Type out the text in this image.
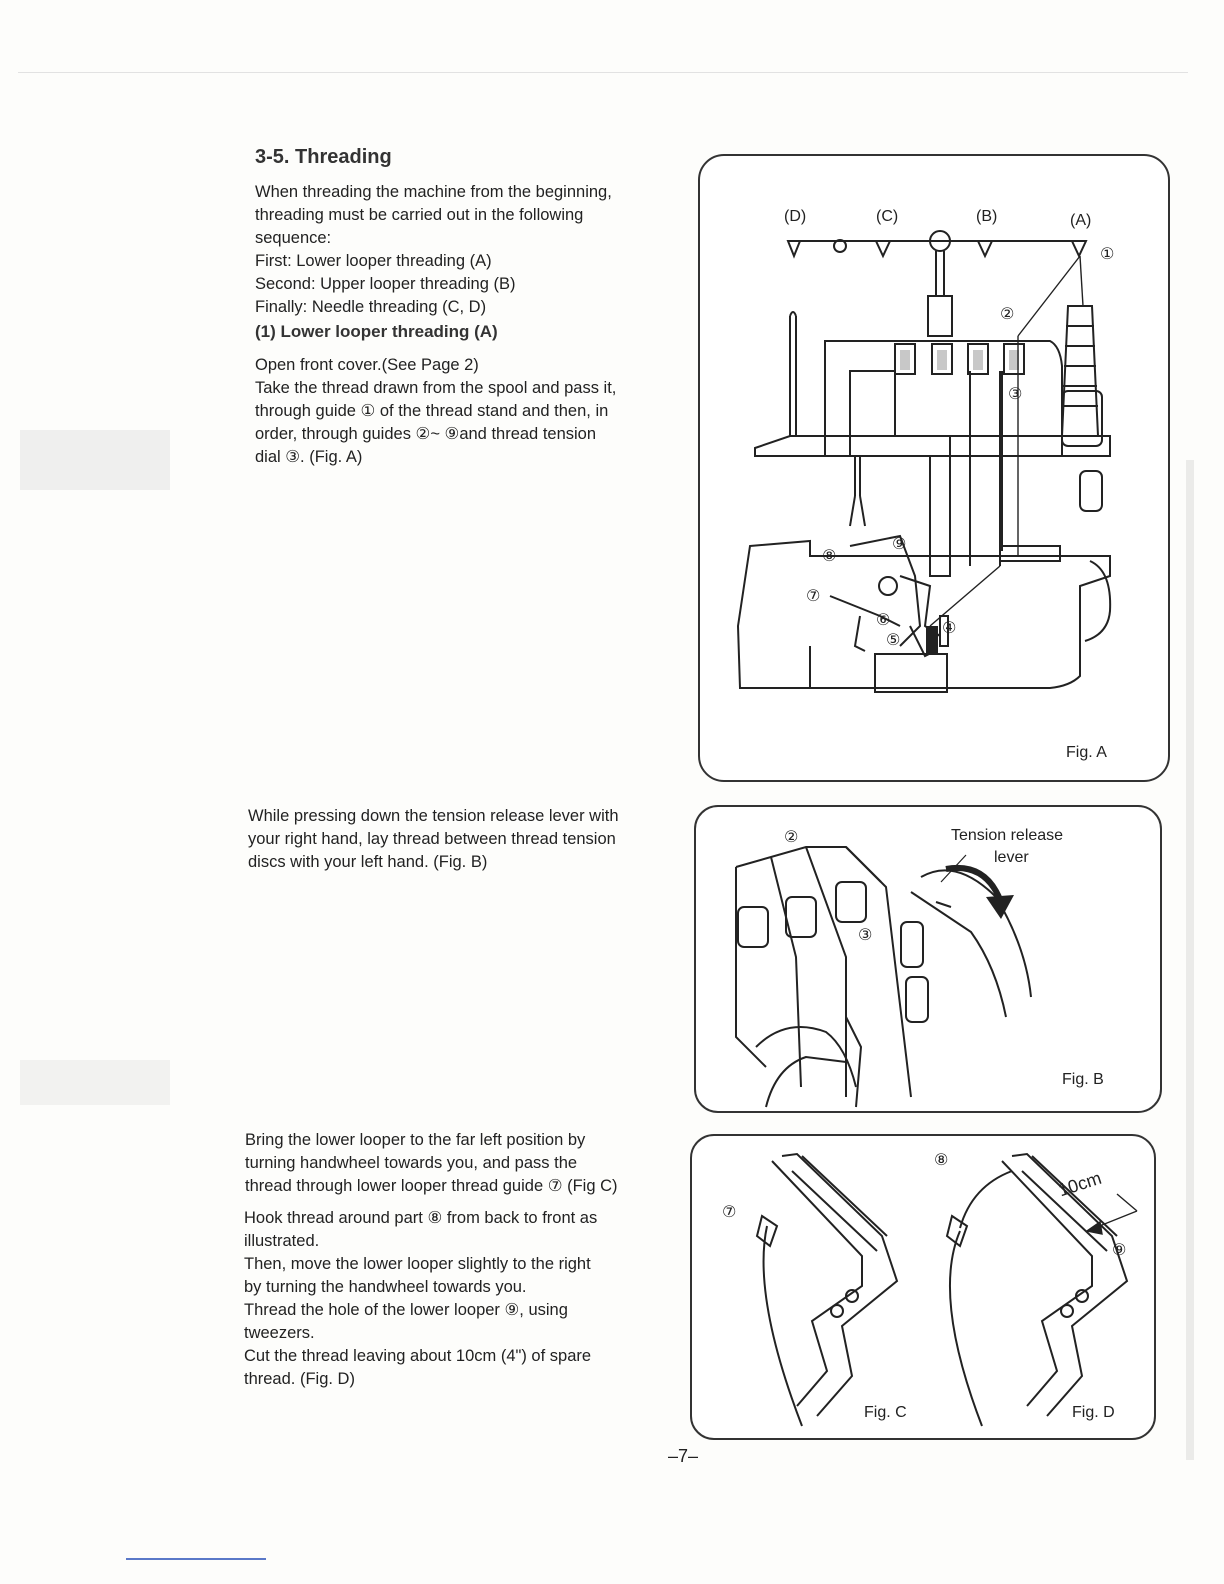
3-5. Threading

When threading the machine from the beginning,

threading must be carried out in the following

sequence:

First: Lower looper threading (A)

Second: Upper looper threading (B)

Finally: Needle threading (C, D)

(1) Lower looper threading (A)

Open front cover.(See Page 2)

Take the thread drawn from the spool and pass it,

through guide ① of the thread stand and then, in

order, through guides ②~ ⑨and thread tension

dial ③. (Fig. A)

While pressing down the tension release lever with

your right hand, lay thread between thread tension

discs with your left hand. (Fig. B)

Bring the lower looper to the far left position by

turning handwheel towards you, and pass the

thread through lower looper thread guide ⑦ (Fig C)

Hook thread around part ⑧ from back to front as

illustrated.

Then, move the lower looper slightly to the right

by turning the handwheel towards you.

Thread the hole of the lower looper ⑨, using

tweezers.

Cut the thread leaving about 10cm (4") of spare

thread. (Fig. D)

(D)	(C)	(B)	(A)
①
②
③
④
⑤
⑥
⑦
⑧
⑨
Fig. A
②
③
Tension release
lever
Fig. B
⑦
⑧
⑨
10cm
Fig. C	Fig. D
–7–
